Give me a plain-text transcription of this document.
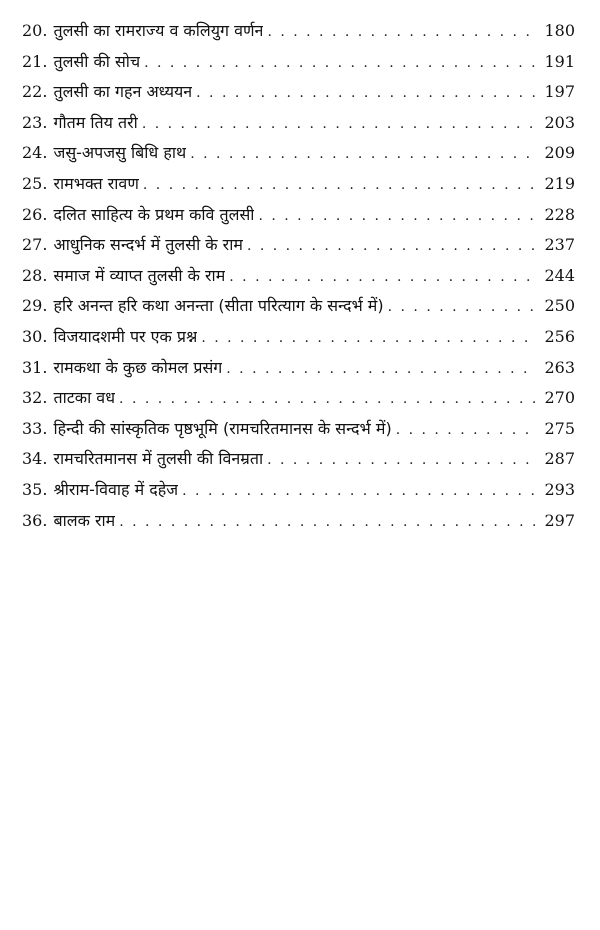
20. तुलसी का रामराज्य व कलियुग वर्णन . . .	180
21. तुलसी की सोच . . .	191
22. तुलसी का गहन अध्ययन . . .	197
23. गौतम तिय तरी . . .	203
24. जसु-अपजसु बिधि हाथ . . .	209
25. रामभक्त रावण . . .	219
26. दलित साहित्य के प्रथम कवि तुलसी . . .	228
27. आधुनिक सन्दर्भ में तुलसी के राम . . .	237
28. समाज में व्याप्त तुलसी के राम . . .	244
29. हरि अनन्त हरि कथा अनन्ता (सीता परित्याग के सन्दर्भ में) . . .	250
30. विजयादशमी पर एक प्रश्न . . .	256
31. रामकथा के कुछ कोमल प्रसंग . . .	263
32. ताटका वध . . .	270
33. हिन्दी की सांस्कृतिक पृष्ठभूमि (रामचरितमानस के सन्दर्भ में) . . .	275
34. रामचरितमानस में तुलसी की विनम्रता . . .	287
35. श्रीराम-विवाह में दहेज . . .	293
36. बालक राम . . .	297
